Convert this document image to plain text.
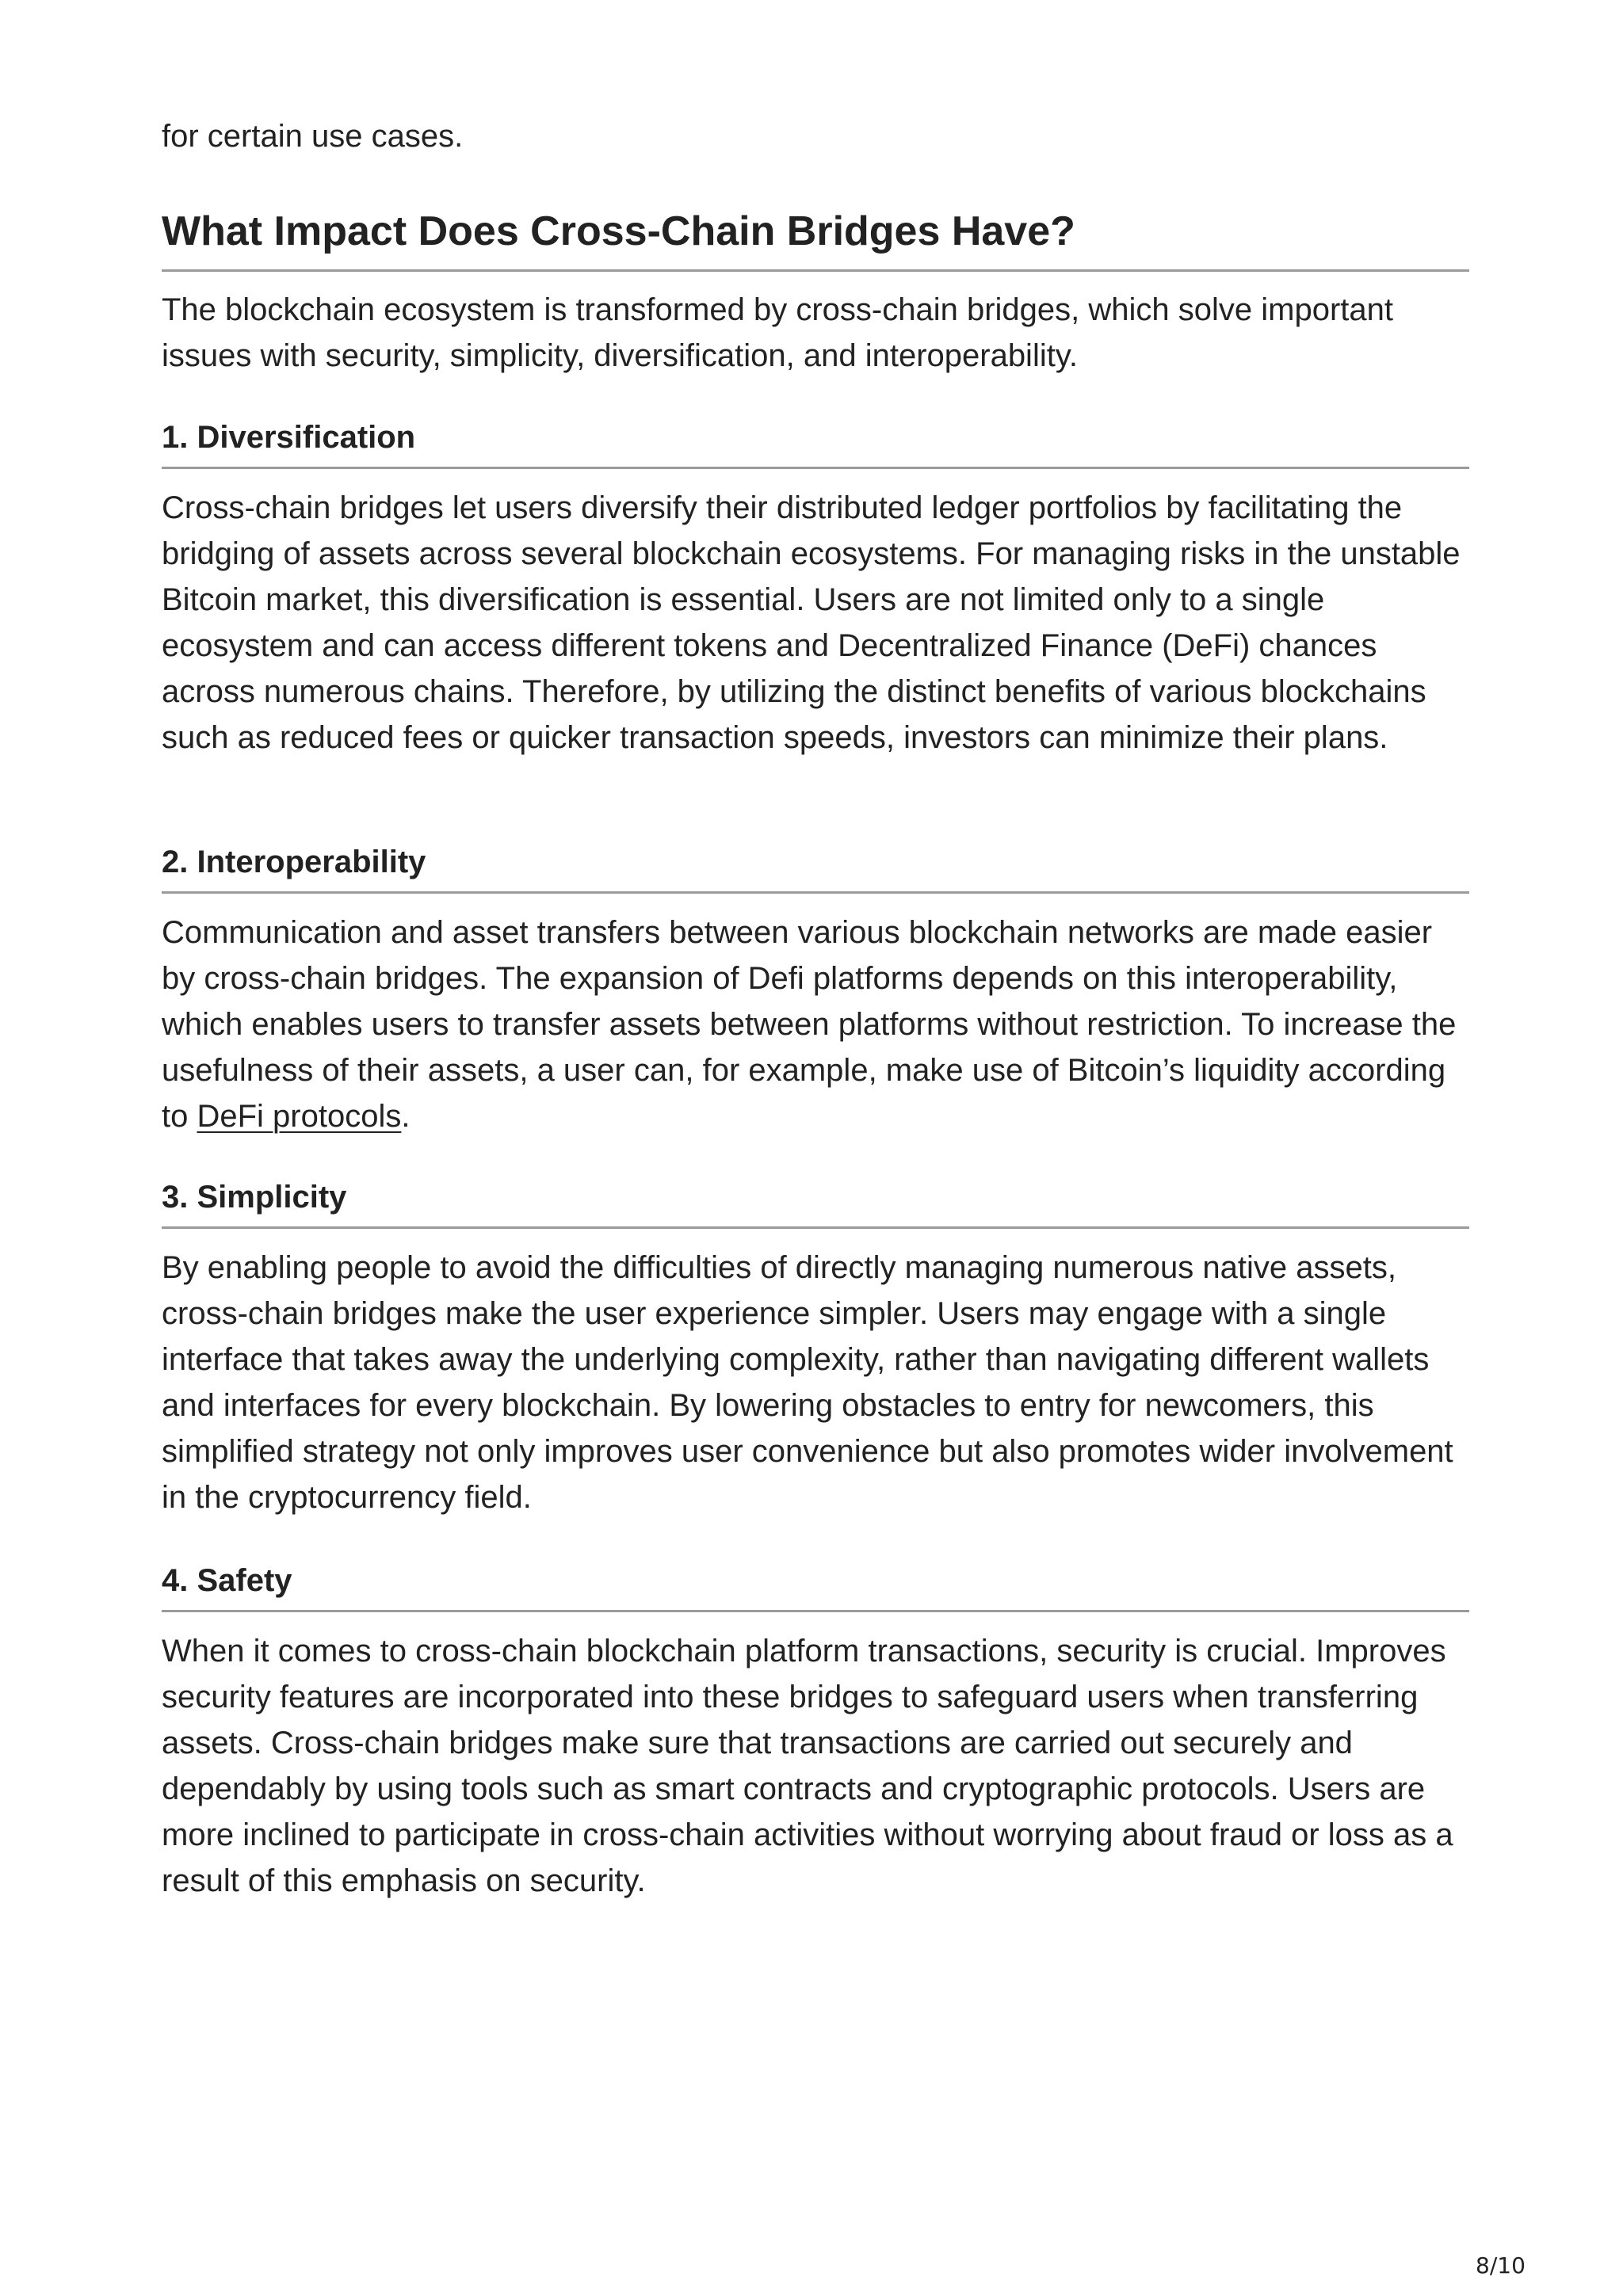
for certain use cases.

What Impact Does Cross-Chain Bridges Have?

The blockchain ecosystem is transformed by cross-chain bridges, which solve important issues with security, simplicity, diversification, and interoperability.

1. Diversification

Cross-chain bridges let users diversify their distributed ledger portfolios by facilitating the bridging of assets across several blockchain ecosystems. For managing risks in the unstable Bitcoin market, this diversification is essential. Users are not limited only to a single ecosystem and can access different tokens and Decentralized Finance (DeFi) chances across numerous chains. Therefore, by utilizing the distinct benefits of various blockchains such as reduced fees or quicker transaction speeds, investors can minimize their plans.

2. Interoperability

Communication and asset transfers between various blockchain networks are made easier by cross-chain bridges. The expansion of Defi platforms depends on this interoperability, which enables users to transfer assets between platforms without restriction. To increase the usefulness of their assets, a user can, for example, make use of Bitcoin’s liquidity according to DeFi protocols.

3. Simplicity

By enabling people to avoid the difficulties of directly managing numerous native assets, cross-chain bridges make the user experience simpler. Users may engage with a single interface that takes away the underlying complexity, rather than navigating different wallets and interfaces for every blockchain. By lowering obstacles to entry for newcomers, this simplified strategy not only improves user convenience but also promotes wider involvement in the cryptocurrency field.

4. Safety

When it comes to cross-chain blockchain platform transactions, security is crucial. Improves security features are incorporated into these bridges to safeguard users when transferring assets. Cross-chain bridges make sure that transactions are carried out securely and dependably by using tools such as smart contracts and cryptographic protocols. Users are more inclined to participate in cross-chain activities without worrying about fraud or loss as a result of this emphasis on security.

8/10
